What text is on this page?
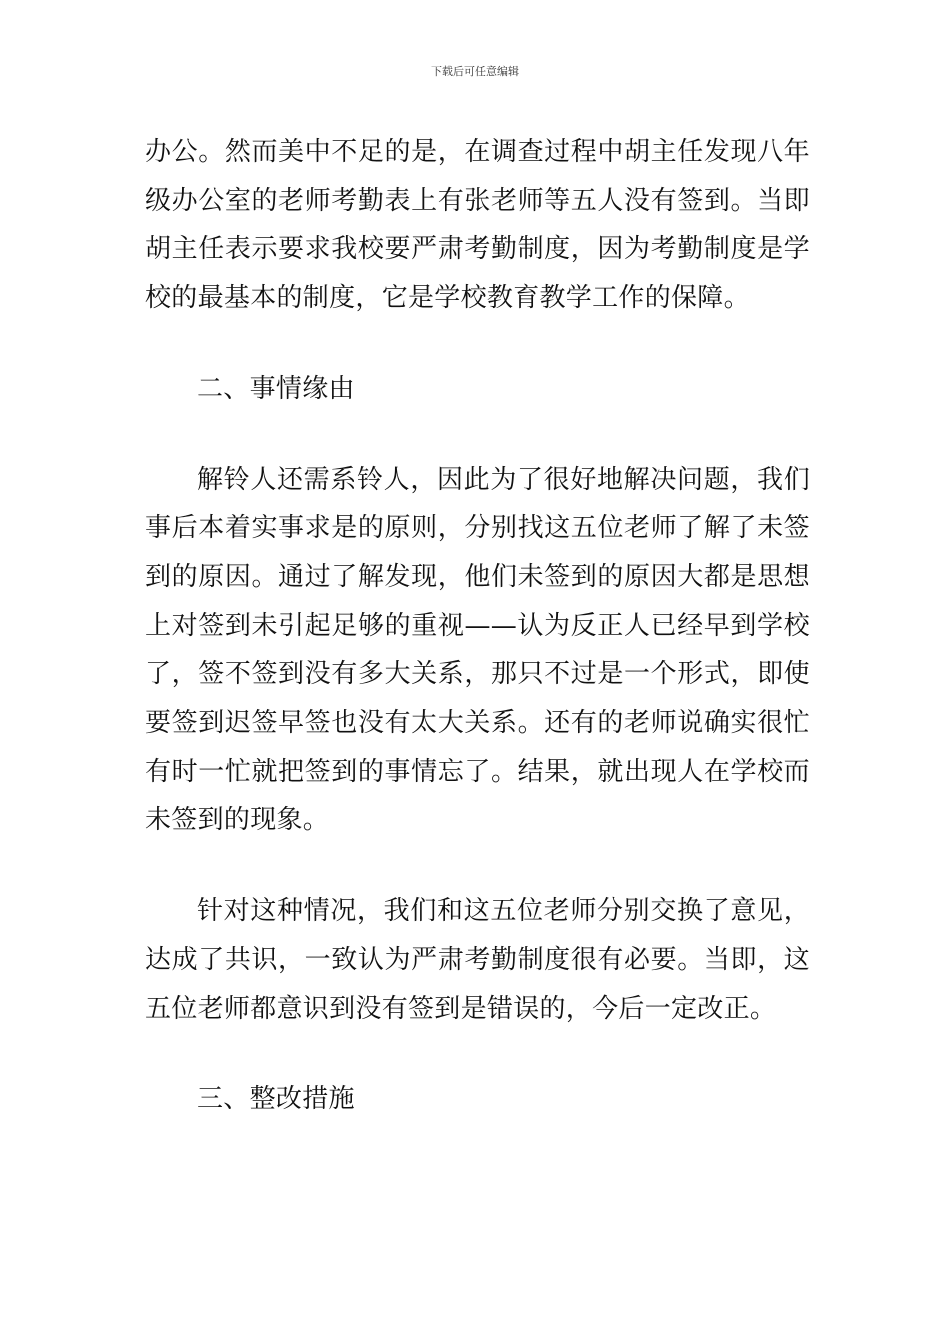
下载后可任意编辑
办公。然而美中不足的是，在调查过程中胡主任发现八年
级办公室的老师考勤表上有张老师等五人没有签到。当即
胡主任表示要求我校要严肃考勤制度，因为考勤制度是学
校的最基本的制度，它是学校教育教学工作的保障。
二、事情缘由
解铃人还需系铃人，因此为了很好地解决问题，我们
事后本着实事求是的原则，分别找这五位老师了解了未签
到的原因。通过了解发现，他们未签到的原因大都是思想
上对签到未引起足够的重视——认为反正人已经早到学校
了，签不签到没有多大关系，那只不过是一个形式，即使
要签到迟签早签也没有太大关系。还有的老师说确实很忙
有时一忙就把签到的事情忘了。结果，就出现人在学校而
未签到的现象。
针对这种情况，我们和这五位老师分别交换了意见，
达成了共识，一致认为严肃考勤制度很有必要。当即，这
五位老师都意识到没有签到是错误的，今后一定改正。
三、整改措施
